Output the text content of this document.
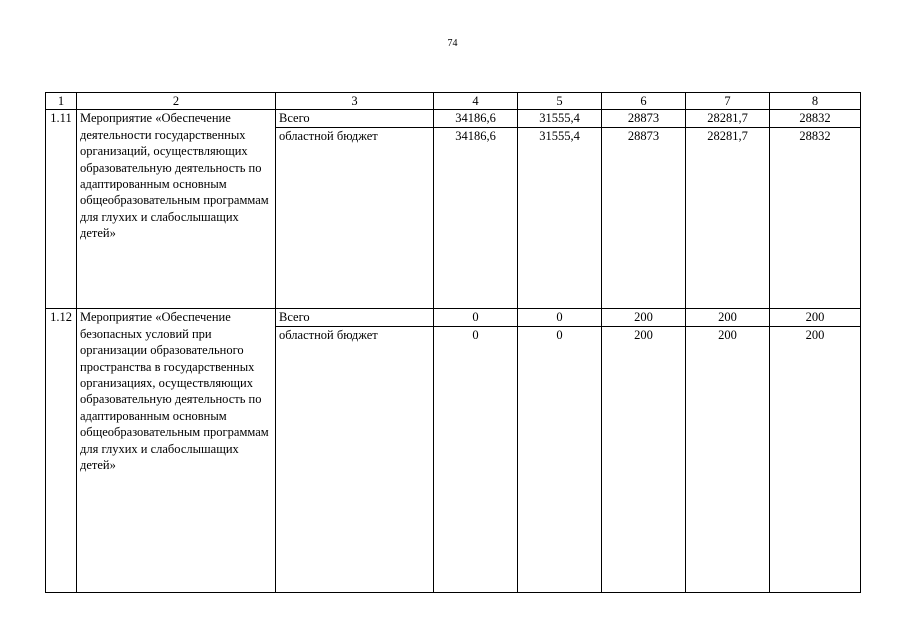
74
1	2	3	4	5	6	7	8
1.11	Мероприятие «Обеспечение деятельности государственных организаций, осуществляющих образовательную деятельность по адаптированным основным общеобразовательным программам для глухих и слабослышащих детей»	Всего	34186,6	31555,4	28873	28281,7	28832
		областной бюджет	34186,6	31555,4	28873	28281,7	28832
1.12	Мероприятие «Обеспечение безопасных условий при организации образовательного пространства в государственных организациях, осуществляющих образовательную деятельность по адаптированным основным общеобразовательным программам для глухих и слабослышащих детей»	Всего	0	0	200	200	200
		областной бюджет	0	0	200	200	200
